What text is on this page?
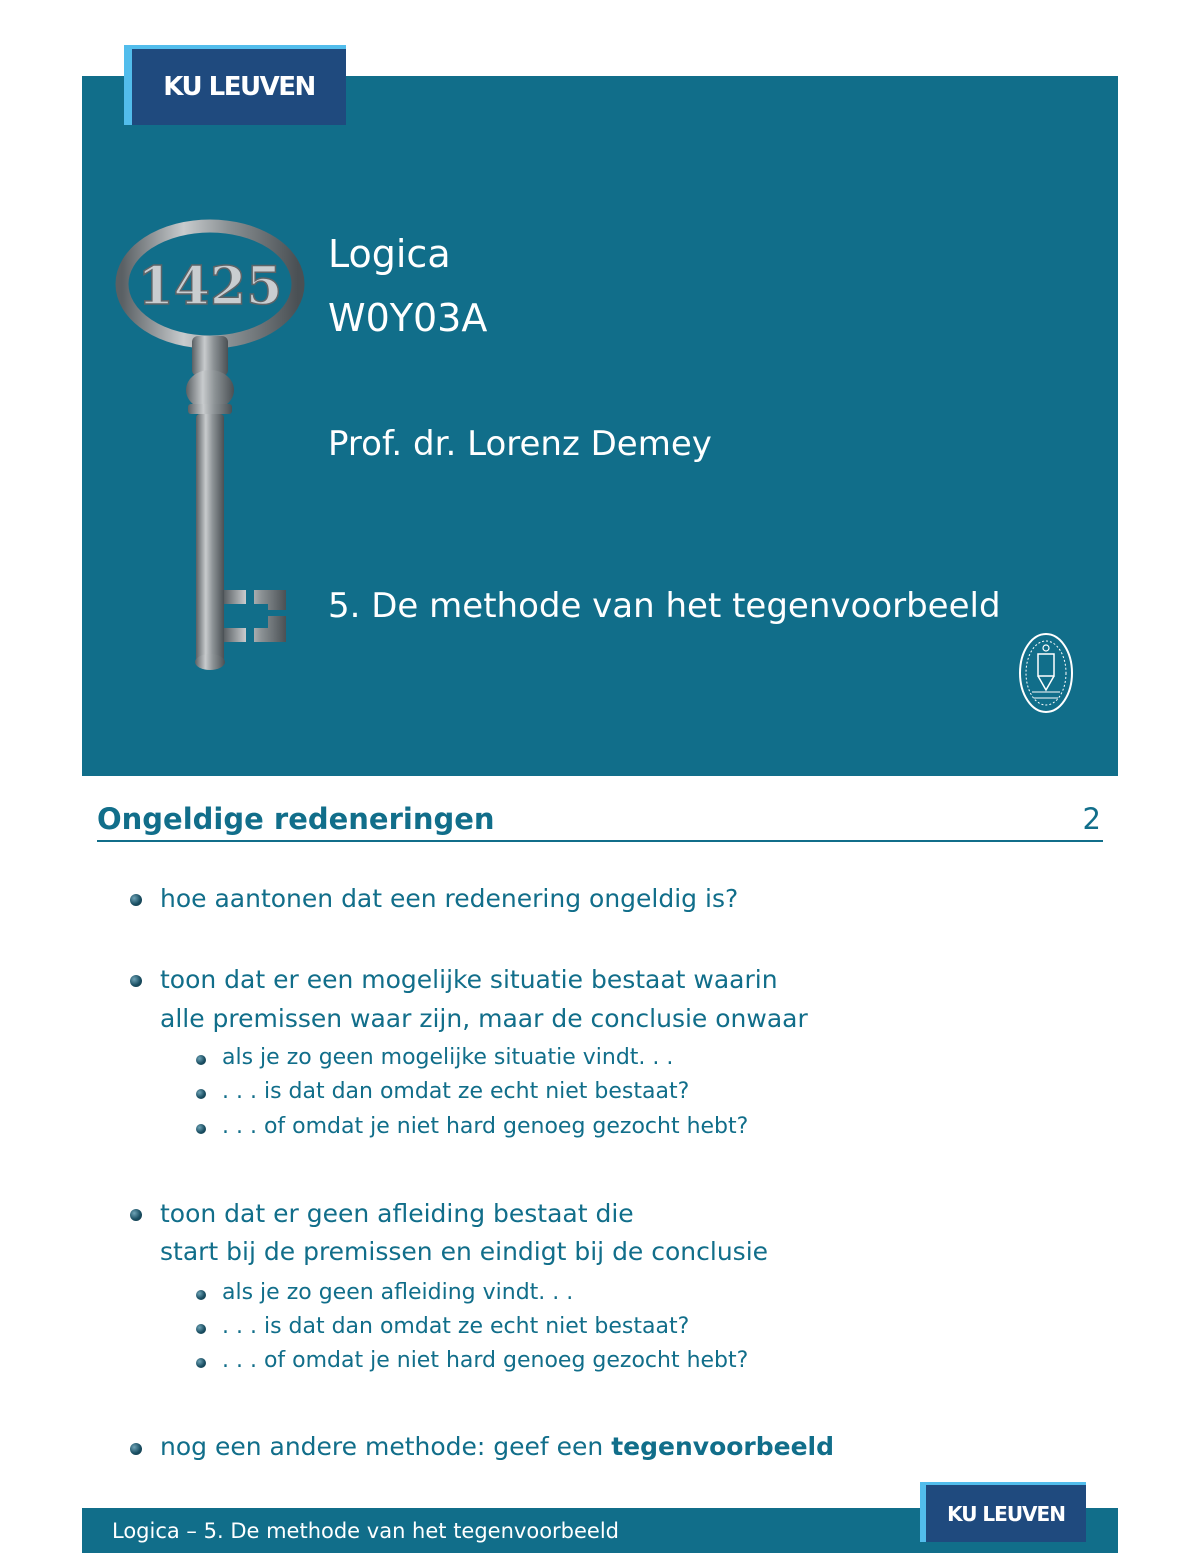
KU LEUVEN
1425
Logica
W0Y03A
Prof. dr. Lorenz Demey
5. De methode van het tegenvoorbeeld
Ongeldige redeneringen	2
hoe aantonen dat een redenering ongeldig is?
toon dat er een mogelijke situatie bestaat waarin
alle premissen waar zijn, maar de conclusie onwaar
als je zo geen mogelijke situatie vindt. . .
. . . is dat dan omdat ze echt niet bestaat?
. . . of omdat je niet hard genoeg gezocht hebt?
toon dat er geen afleiding bestaat die
start bij de premissen en eindigt bij de conclusie
als je zo geen afleiding vindt. . .
. . . is dat dan omdat ze echt niet bestaat?
. . . of omdat je niet hard genoeg gezocht hebt?
nog een andere methode: geef een tegenvoorbeeld
Logica – 5. De methode van het tegenvoorbeeld
KU LEUVEN
